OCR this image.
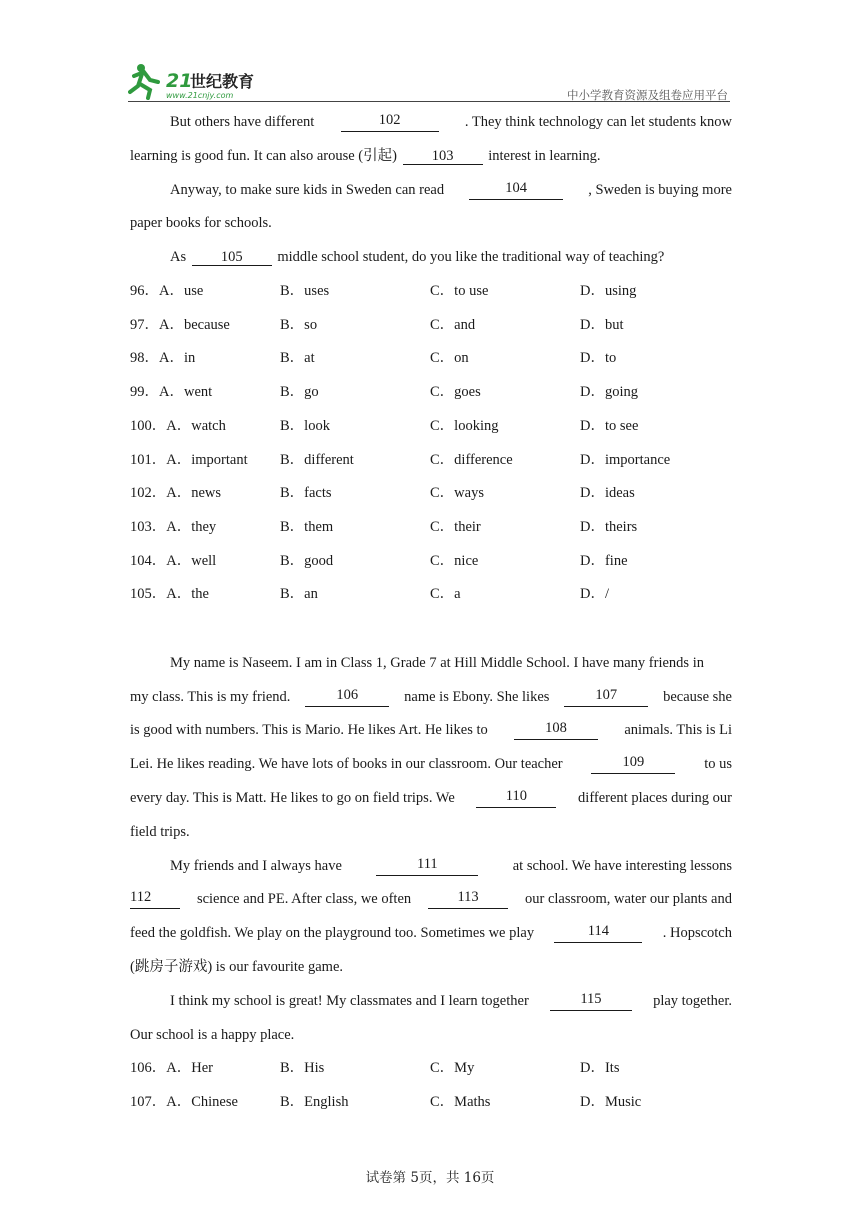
21
世纪教育
www.21cnjy.com	中小学教育资源及组卷应用平台
But others have different	102	. They think technology can let students know
learning is good fun. It can also arouse (引起) 103 interest in learning.
Anyway, to make sure kids in Sweden can read	104	, Sweden is buying more
paper books for schools.
As 105 middle school student, do you like the traditional way of teaching?
96．A．use	B．uses	C．to use	D．using
97．A．because	B．so	C．and	D．but
98．A．in	B．at	C．on	D．to
99．A．went	B．go	C．goes	D．going
100．A．watch	B．look	C．looking	D．to see
101．A．important B．different	C．difference	D．importance
102．A．news	B．facts	C．ways	D．ideas
103．A．they	B．them	C．their	D．theirs
104．A．well	B．good	C．nice	D．fine
105．A．the	B．an	C．a	D．/
My name is Naseem. I am in Class 1, Grade 7 at Hill Middle School. I have many friends in
my class. This is my friend.	106	name is Ebony. She likes	107	because she
is good with numbers. This is Mario. He likes Art. He likes to	108	animals. This is Li
Lei. He likes reading. We have lots of books in our classroom. Our teacher	109	to us
every day. This is Matt. He likes to go on field trips. We	110	different places during our
field trips.
My friends and I always have	111	at school. We have interesting lessons
112	science and PE. After class, we often	113	our classroom, water our plants and
feed the goldfish. We play on the playground too. Sometimes we play	114	. Hopscotch
(跳房子游戏) is our favourite game.
I think my school is great! My classmates and I learn together	115	play together.
Our school is a happy place.
106．A．Her	B．His	C．My	D．Its
107．A．Chinese	B．English	C．Maths	D．Music
试卷第 5页，共 16页
